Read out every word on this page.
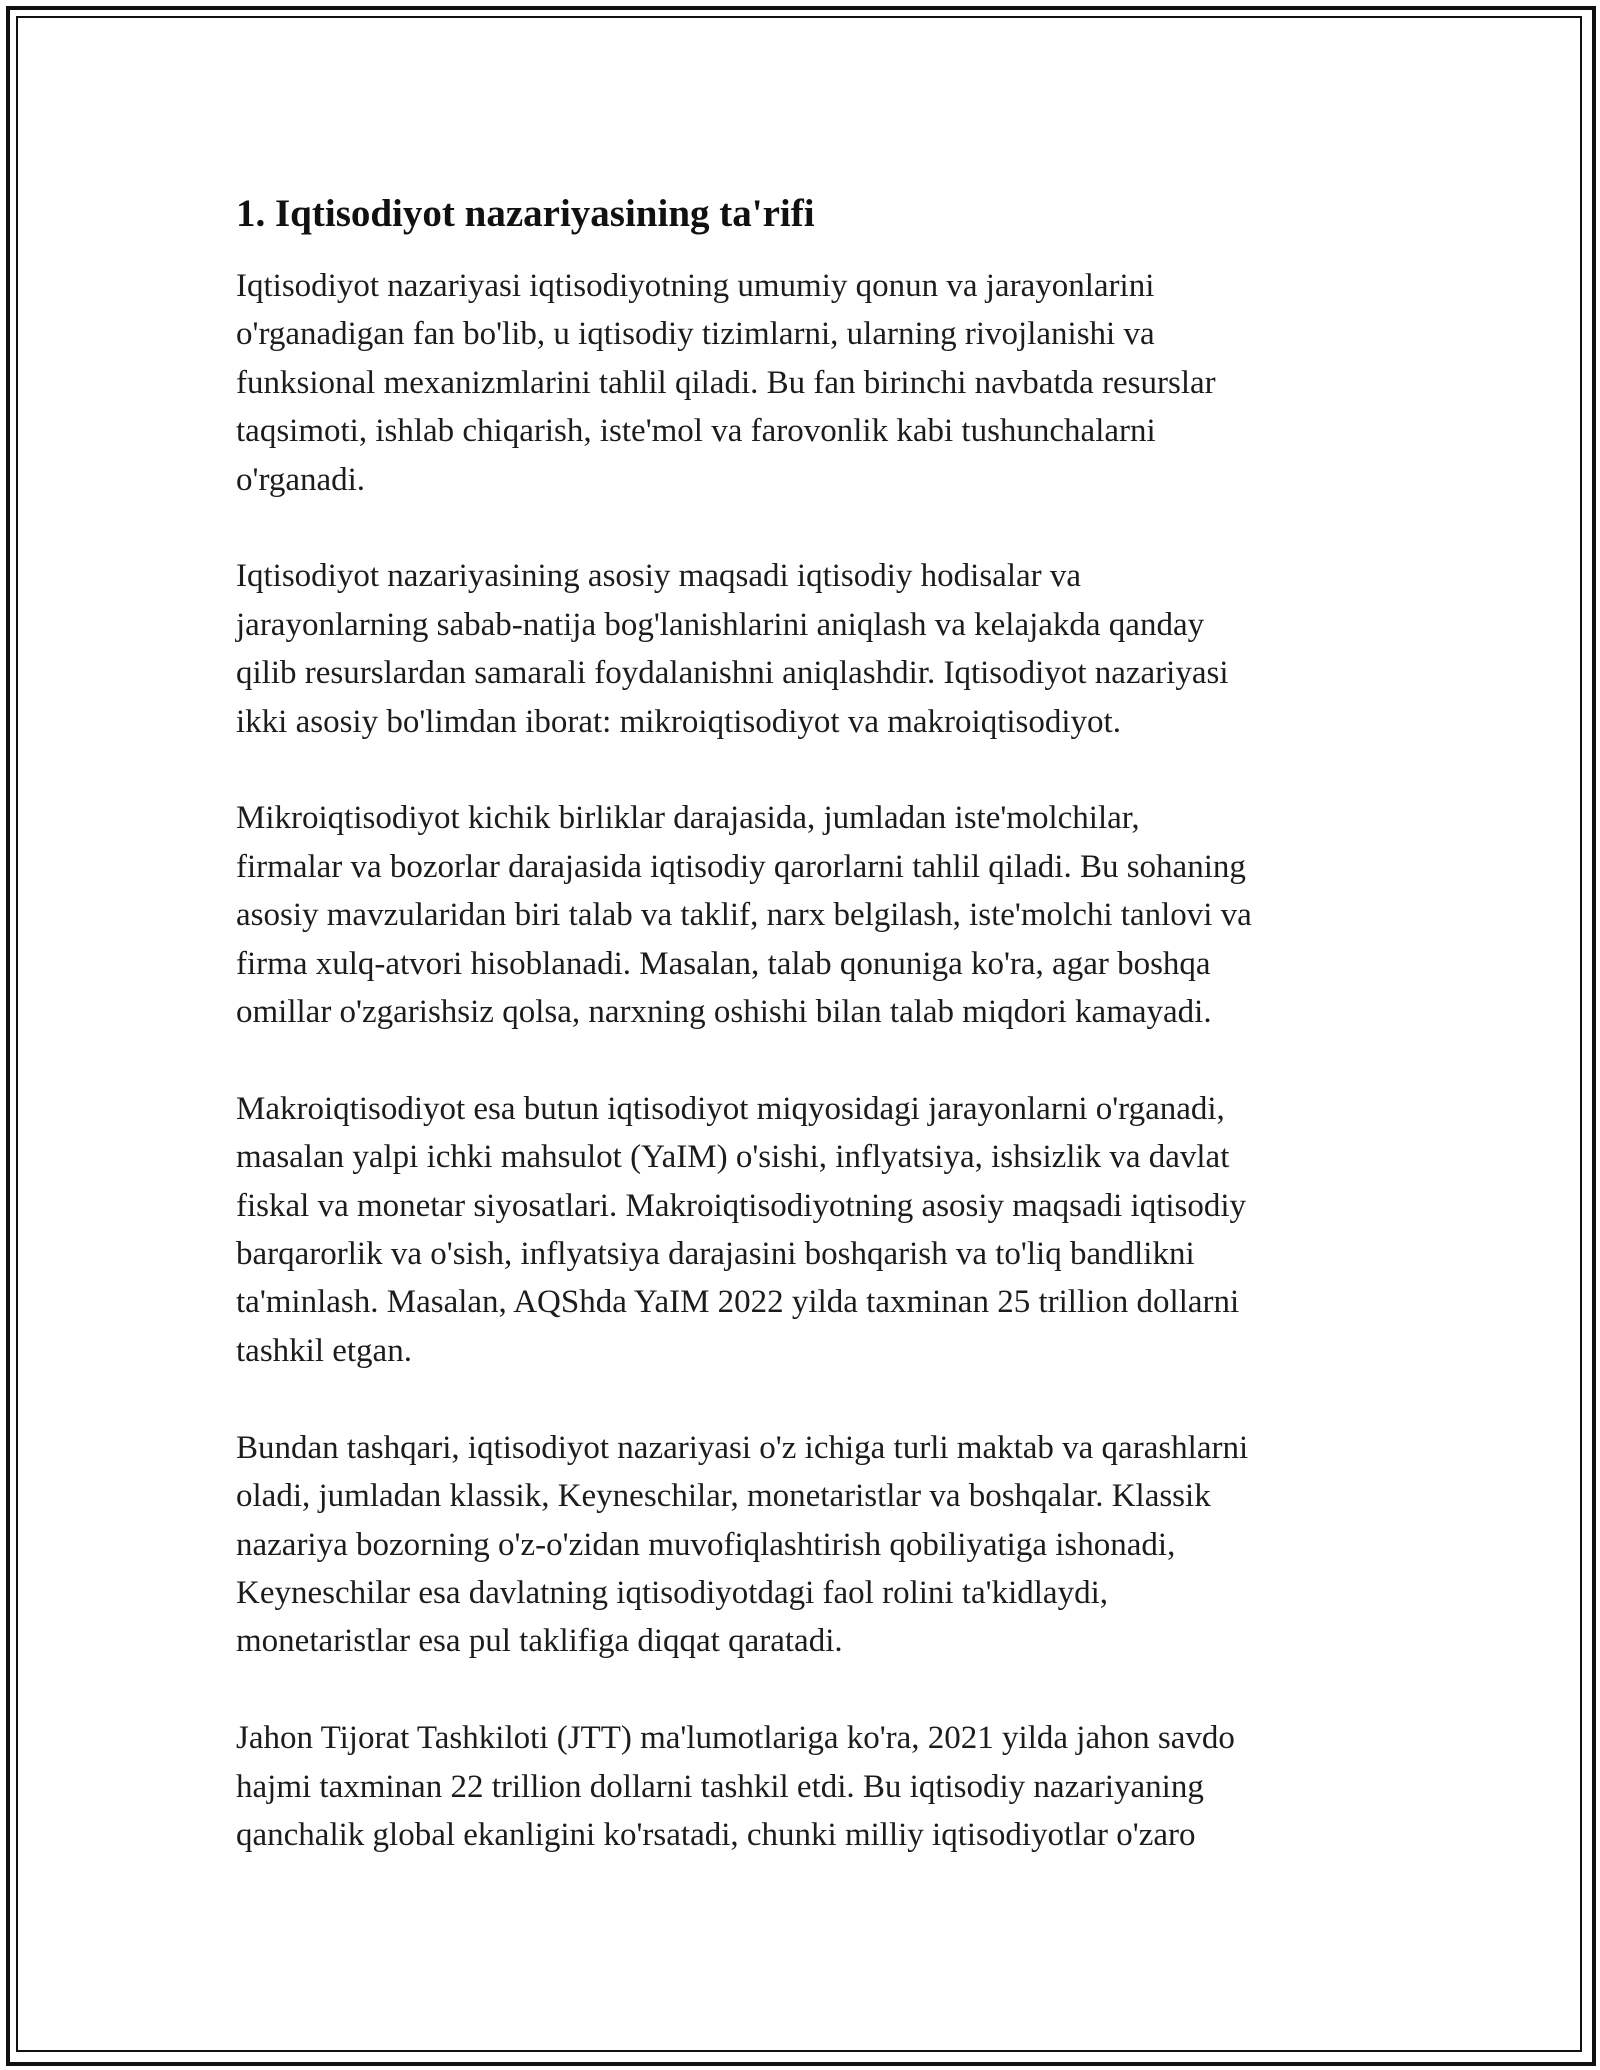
1. Iqtisodiyot nazariyasining ta'rifi

Iqtisodiyot nazariyasi iqtisodiyotning umumiy qonun va jarayonlarini
o'rganadigan fan bo'lib, u iqtisodiy tizimlarni, ularning rivojlanishi va
funksional mexanizmlarini tahlil qiladi. Bu fan birinchi navbatda resurslar
taqsimoti, ishlab chiqarish, iste'mol va farovonlik kabi tushunchalarni
o'rganadi.

Iqtisodiyot nazariyasining asosiy maqsadi iqtisodiy hodisalar va
jarayonlarning sabab-natija bog'lanishlarini aniqlash va kelajakda qanday
qilib resurslardan samarali foydalanishni aniqlashdir. Iqtisodiyot nazariyasi
ikki asosiy bo'limdan iborat: mikroiqtisodiyot va makroiqtisodiyot.

Mikroiqtisodiyot kichik birliklar darajasida, jumladan iste'molchilar,
firmalar va bozorlar darajasida iqtisodiy qarorlarni tahlil qiladi. Bu sohaning
asosiy mavzularidan biri talab va taklif, narx belgilash, iste'molchi tanlovi va
firma xulq-atvori hisoblanadi. Masalan, talab qonuniga ko'ra, agar boshqa
omillar o'zgarishsiz qolsa, narxning oshishi bilan talab miqdori kamayadi.

Makroiqtisodiyot esa butun iqtisodiyot miqyosidagi jarayonlarni o'rganadi,
masalan yalpi ichki mahsulot (YaIM) o'sishi, inflyatsiya, ishsizlik va davlat
fiskal va monetar siyosatlari. Makroiqtisodiyotning asosiy maqsadi iqtisodiy
barqarorlik va o'sish, inflyatsiya darajasini boshqarish va to'liq bandlikni
ta'minlash. Masalan, AQShda YaIM 2022 yilda taxminan 25 trillion dollarni
tashkil etgan.

Bundan tashqari, iqtisodiyot nazariyasi o'z ichiga turli maktab va qarashlarni
oladi, jumladan klassik, Keyneschilar, monetaristlar va boshqalar. Klassik
nazariya bozorning o'z-o'zidan muvofiqlashtirish qobiliyatiga ishonadi,
Keyneschilar esa davlatning iqtisodiyotdagi faol rolini ta'kidlaydi,
monetaristlar esa pul taklifiga diqqat qaratadi.

Jahon Tijorat Tashkiloti (JTT) ma'lumotlariga ko'ra, 2021 yilda jahon savdo
hajmi taxminan 22 trillion dollarni tashkil etdi. Bu iqtisodiy nazariyaning
qanchalik global ekanligini ko'rsatadi, chunki milliy iqtisodiyotlar o'zaro
